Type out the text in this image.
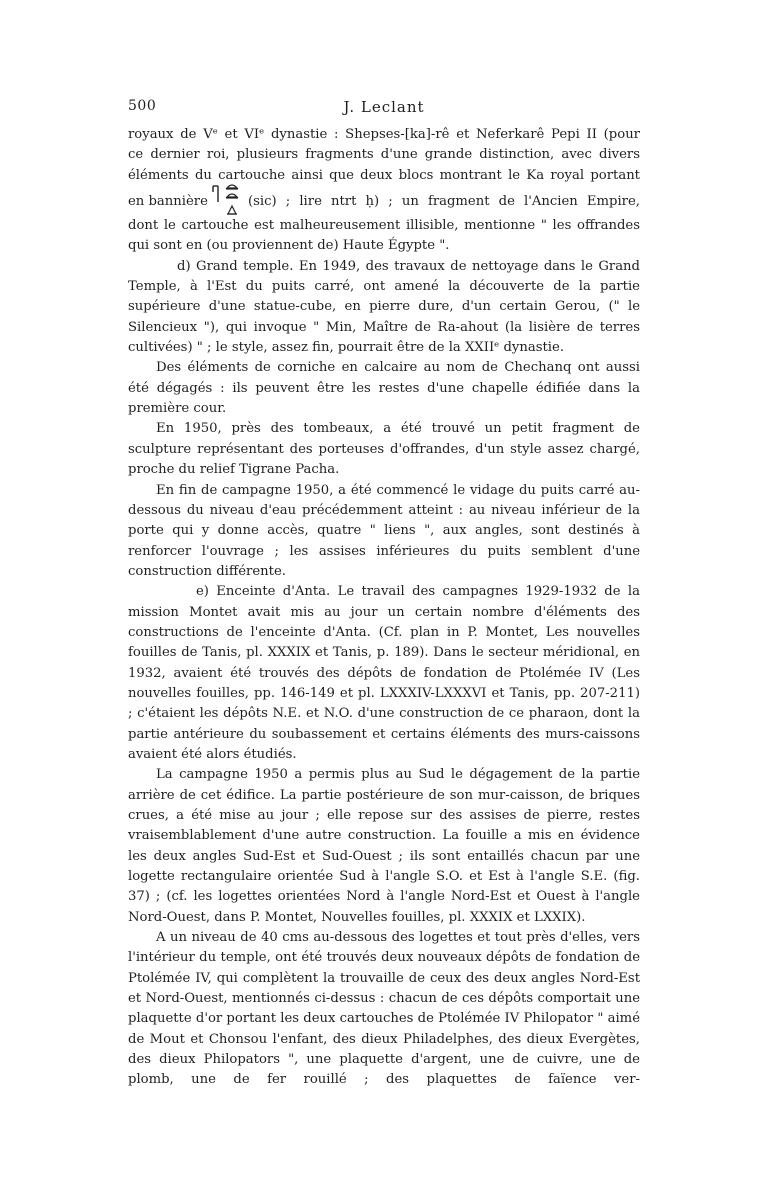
500	J. Leclant

royaux de Vᵉ et VIᵉ dynastie : Shepses-[ka]-rê et Neferkarê Pepi II (pour

ce dernier roi, plusieurs fragments d'une grande distinction, avec divers

éléments du cartouche ainsi que deux blocs montrant le Ka royal portant

en bannière	(sic) ; lire ntrt ḥ) ; un fragment de l'Ancien Empire,

dont le cartouche est malheureusement illisible, mentionne " les offrandes

qui sont en (ou proviennent de) Haute Égypte ".

d) Grand temple. En 1949, des travaux de nettoyage dans le Grand Temple, à l'Est du puits carré, ont amené la découverte de la partie supérieure d'une statue-cube, en pierre dure, d'un certain Gerou, (" le Silencieux "), qui invoque " Min, Maître de Ra-ahout (la lisière de terres cultivées) " ; le style, assez fin, pourrait être de la XXIIᵉ dynastie.

Des éléments de corniche en calcaire au nom de Chechanq ont aussi été dégagés : ils peuvent être les restes d'une chapelle édifiée dans la première cour.

En 1950, près des tombeaux, a été trouvé un petit fragment de sculpture représentant des porteuses d'offrandes, d'un style assez chargé, proche du relief Tigrane Pacha.

En fin de campagne 1950, a été commencé le vidage du puits carré au-dessous du niveau d'eau précédemment atteint : au niveau inférieur de la porte qui y donne accès, quatre " liens ", aux angles, sont destinés à renforcer l'ouvrage ; les assises inférieures du puits semblent d'une construction différente.

e) Enceinte d'Anta. Le travail des campagnes 1929-1932 de la mission Montet avait mis au jour un certain nombre d'éléments des constructions de l'enceinte d'Anta. (Cf. plan in P. Montet, Les nouvelles fouilles de Tanis, pl. XXXIX et Tanis, p. 189). Dans le secteur méridional, en 1932, avaient été trouvés des dépôts de fondation de Ptolémée IV (Les nouvelles fouilles, pp. 146-149 et pl. LXXXIV-LXXXVI et Tanis, pp. 207-211) ; c'étaient les dépôts N.E. et N.O. d'une construction de ce pharaon, dont la partie antérieure du soubassement et certains éléments des murs-caissons avaient été alors étudiés.

La campagne 1950 a permis plus au Sud le dégagement de la partie arrière de cet édifice. La partie postérieure de son mur-caisson, de briques crues, a été mise au jour ; elle repose sur des assises de pierre, restes vraisemblablement d'une autre construction. La fouille a mis en évidence les deux angles Sud-Est et Sud-Ouest ; ils sont entaillés chacun par une logette rectangulaire orientée Sud à l'angle S.O. et Est à l'angle S.E. (fig. 37) ; (cf. les logettes orientées Nord à l'angle Nord-Est et Ouest à l'angle Nord-Ouest, dans P. Montet, Nouvelles fouilles, pl. XXXIX et LXXIX).

A un niveau de 40 cms au-dessous des logettes et tout près d'elles, vers l'intérieur du temple, ont été trouvés deux nouveaux dépôts de fondation de Ptolémée IV, qui complètent la trouvaille de ceux des deux angles Nord-Est et Nord-Ouest, mentionnés ci-dessus : chacun de ces dépôts comportait une plaquette d'or portant les deux cartouches de Ptolémée IV Philopator " aimé de Mout et Chonsou l'enfant, des dieux Philadelphes, des dieux Evergètes, des dieux Philopators ", une plaquette d'argent, une de cuivre, une de plomb, une de fer rouillé ; des plaquettes de faïence ver-
